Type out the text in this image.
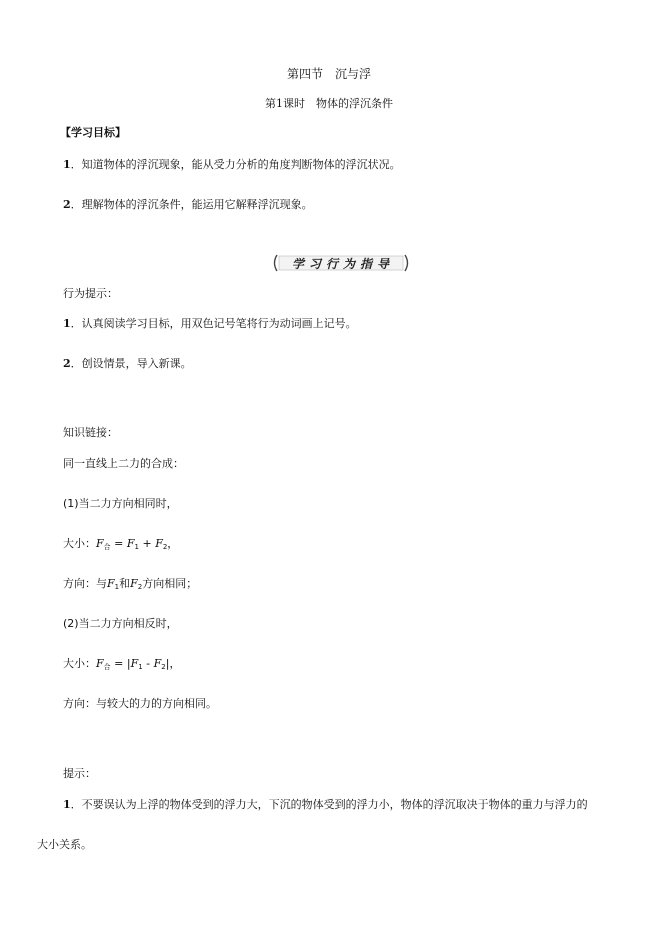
第四节　沉与浮
第1课时　物体的浮沉条件
【学习目标】
1．知道物体的浮沉现象，能从受力分析的角度判断物体的浮沉状况。
2．理解物体的浮沉条件，能运用它解释浮沉现象。
学 习 行 为 指 导
行为提示：
1．认真阅读学习目标，用双色记号笔将行为动词画上记号。
2．创设情景，导入新课。
知识链接：
同一直线上二力的合成：
(1)当二力方向相同时，
大小：$F_合 = F_1 + F_2$，
方向：与$F_1$和$F_2$方向相同；
(2)当二力方向相反时，
大小：$F_合 = |F_1 - F_2|$，
方向：与较大的力的方向相同。
提示：
1．不要误认为上浮的物体受到的浮力大，下沉的物体受到的浮力小，物体的浮沉取决于物体的重力与浮力的
大小关系。
